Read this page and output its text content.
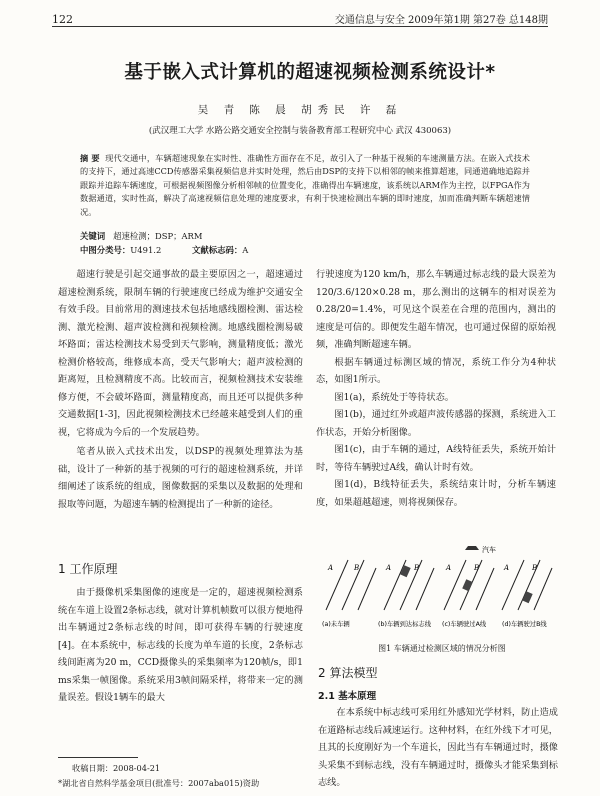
122	交通信息与安全 2009年第1期 第27卷 总148期
基于嵌入式计算机的超速视频检测系统设计*
吴 青 陈 晨 胡秀民 许 磊
(武汉理工大学 水路公路交通安全控制与装备教育部工程研究中心 武汉 430063)
摘 要 现代交通中，车辆超速现象在实时性、准确性方面存在不足，故引入了一种基于视频的车速测量方法。在嵌入式技术的支持下，通过高速CCD传感器采集视频信息并实时处理，然后由DSP的支持下以相邻的帧来推算超速，同通道确地追踪并跟踪并追踪车辆速度，可根据视频图像分析相邻帧的位置变化，准确得出车辆速度，该系统以ARM作为主控，以FPGA作为数据通道，实时性高，解决了高速视频信息处理的速度要求，有利于快速检测出车辆的即时速度，加而准确判断车辆超速情况。
关键词 超速检测；DSP；ARM
中图分类号：U491.2	文献标志码：A

超速行驶是引起交通事故的最主要原因之一，超速通过超速检测系统，限制车辆的行驶速度已经成为维护交通安全有效手段。目前常用的测速技术包括地感线圈检测、雷达检测、激光检测、超声波检测和视频检测。地感线圈检测易破坏路面；雷达检测技术易受到天气影响，测量精度低；激光检测价格较高，维修成本高，受天气影响大；超声波检测的距离短，且检测精度不高。比较而言，视频检测技术安装维修方便，不会破坏路面，测量精度高，而且还可以提供多种交通数据[1-3]，因此视频检测技术已经越来越受到人们的重视，它将成为今后的一个发展趋势。

笔者从嵌入式技术出发，以DSP的视频处理算法为基础，设计了一种新的基于视频的可行的超速检测系统，并详细阐述了该系统的组成，图像数据的采集以及数据的处理和报取等问题，为超速车辆的检测提出了一种新的途径。

1 工作原理

由于摄像机采集图像的速度是一定的，超速视频检测系统在车道上设置2条标志线，就对计算机帧数可以很方便地得出车辆通过2条标志线的时间，即可获得车辆的行驶速度[4]。在本系统中，标志线的长度为单车道的长度，2条标志线间距离为20 m，CCD摄像头的采集频率为120帧/s，即1 ms采集一帧图像。系统采用3帧间隔采样，将带来一定的测量误差。假设1辆车的最大

收稿日期：2008-04-21
*湖北省自然科学基金项目(批准号：2007aba015)资助

行驶速度为120 km/h，那么车辆通过标志线的最大误差为120/3.6/120×0.28 m，那么测出的这辆车的相对误差为0.28/20=1.4%，可见这个误差在合理的范围内，测出的速度是可信的。即便发生超车情况，也可通过保留的原始视频，准确判断超速车辆。

根据车辆通过标测区域的情况，系统工作分为4种状态，如图1所示。

图1(a)，系统处于等待状态。

图1(b)，通过红外或超声波传感器的探测，系统进入工作状态，开始分析图像。

图1(c)，由于车辆的通过，A线特征丢失，系统开始计时，等待车辆驶过A线，确认计时有效。

图1(d)，B线特征丢失，系统结束计时，分析车辆速度，如果超越超速，则将视频保存。

汽车
A	B	A	B	A	B	A	B
(a)未车辆	(b)车辆到达标志线 (c)车辆驶过A线	(d)车辆驶过B线
图1 车辆通过检测区域的情况分析图
2 算法模型
2.1 基本原理

在本系统中标志线可采用红外感知光学材料，防止造成在道路标志线后减速运行。这种材料，在红外线下才可见，且其的长度刚好为一个车道长，因此当有车辆通过时，摄像头采集不到标志线，没有车辆通过时，摄像头才能采集到标志线。
